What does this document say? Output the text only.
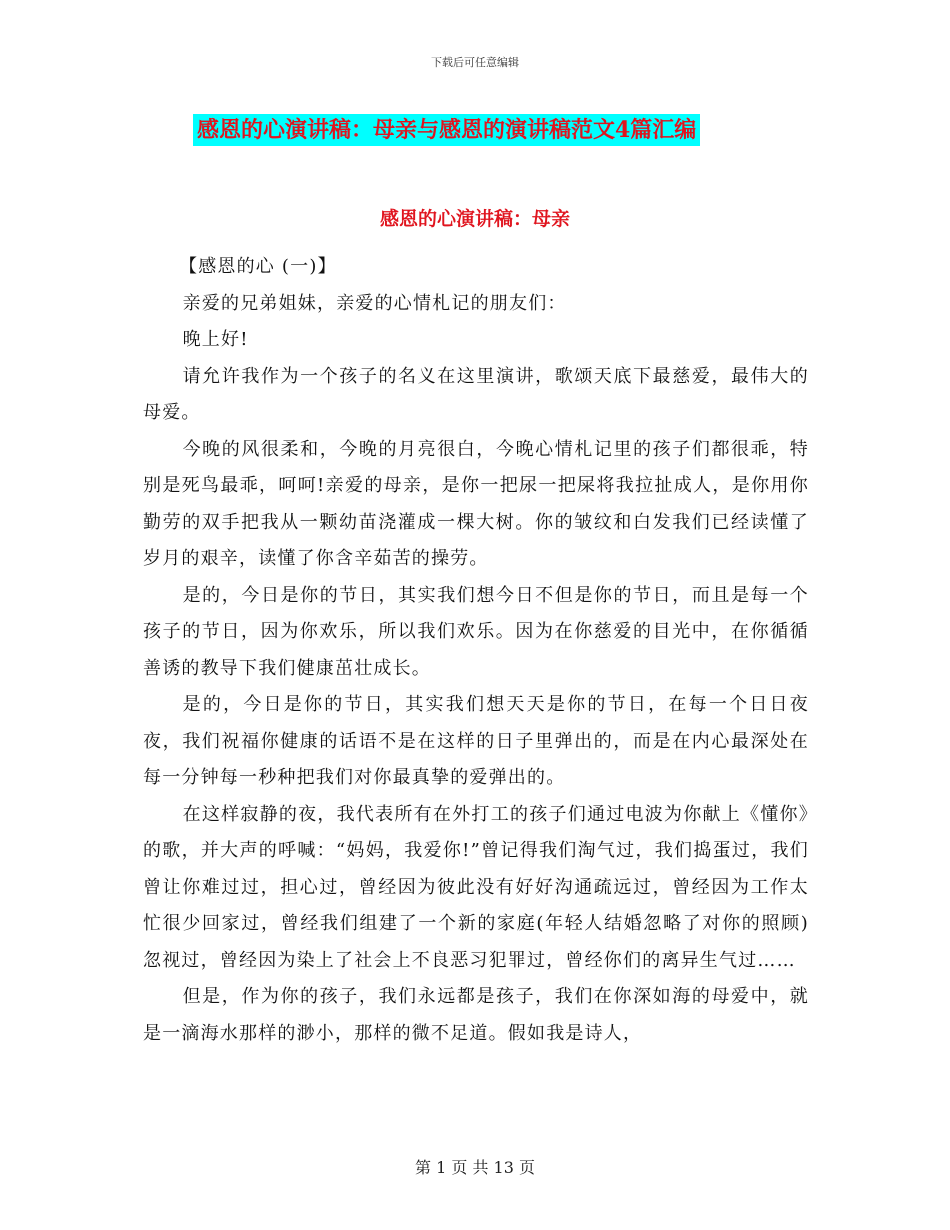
下载后可任意编辑
感恩的心演讲稿：母亲与感恩的演讲稿范文4篇汇编
感恩的心演讲稿：母亲

【感恩的心 (一)】

亲爱的兄弟姐妹，亲爱的心情札记的朋友们：

晚上好!

请允许我作为一个孩子的名义在这里演讲，歌颂天底下最慈爱，最伟大的母爱。

今晚的风很柔和，今晚的月亮很白，今晚心情札记里的孩子们都很乖，特别是死鸟最乖，呵呵!亲爱的母亲，是你一把尿一把屎将我拉扯成人，是你用你勤劳的双手把我从一颗幼苗浇灌成一棵大树。你的皱纹和白发我们已经读懂了岁月的艰辛，读懂了你含辛茹苦的操劳。

是的，今日是你的节日，其实我们想今日不但是你的节日，而且是每一个孩子的节日，因为你欢乐，所以我们欢乐。因为在你慈爱的目光中，在你循循善诱的教导下我们健康茁壮成长。

是的，今日是你的节日，其实我们想天天是你的节日，在每一个日日夜夜，我们祝福你健康的话语不是在这样的日子里弹出的，而是在内心最深处在每一分钟每一秒种把我们对你最真挚的爱弹出的。

在这样寂静的夜，我代表所有在外打工的孩子们通过电波为你献上《懂你》的歌，并大声的呼喊：“妈妈，我爱你!”曾记得我们淘气过，我们捣蛋过，我们曾让你难过过，担心过，曾经因为彼此没有好好沟通疏远过，曾经因为工作太忙很少回家过，曾经我们组建了一个新的家庭(年轻人结婚忽略了对你的照顾)忽视过，曾经因为染上了社会上不良恶习犯罪过，曾经你们的离异生气过……

但是，作为你的孩子，我们永远都是孩子，我们在你深如海的母爱中，就是一滴海水那样的渺小，那样的微不足道。假如我是诗人，

第 1 页 共 13 页
